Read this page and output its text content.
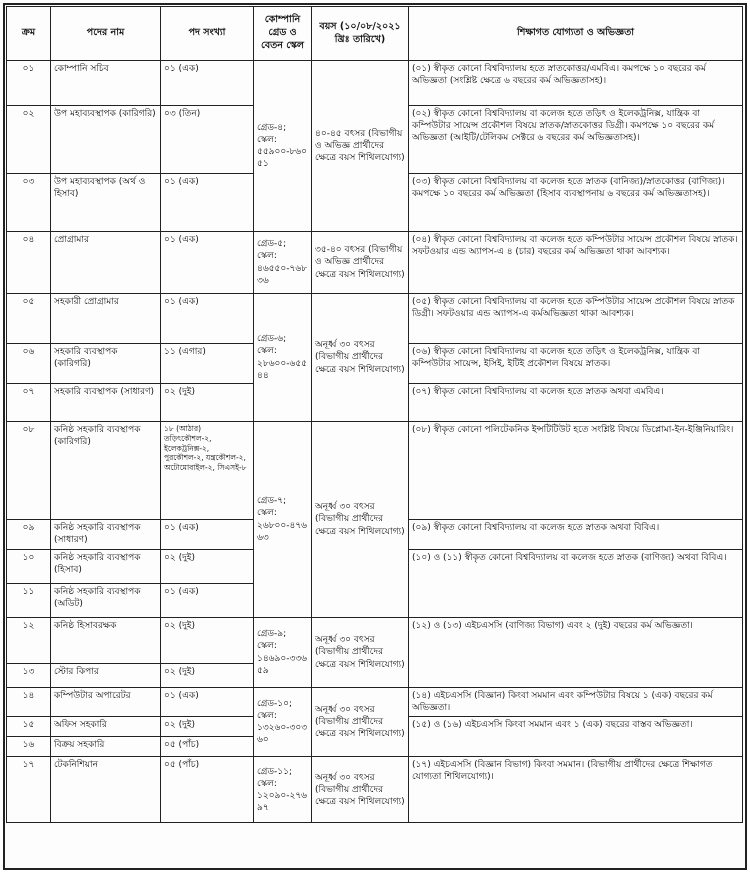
ক্রম	পদের নাম	পদ সংখ্যা	কোম্পানি গ্রেড ও বেতন স্কেল	বয়স (১০/০৮/২০২১ খ্রিঃ তারিখে)	শিক্ষাগত যোগ্যতা ও অভিজ্ঞতা
০১	কোম্পানি সচিব	০১ (এক)	গ্রেড-৪; স্কেল: ৫৫৯০০-৮৬০৫১	৪০-৪৫ বৎসর (বিভাগীয় ও অভিজ্ঞ প্রার্থীদের ক্ষেত্রে বয়স শিথিলযোগ্য)	(০১) স্বীকৃত কোনো বিশ্ববিদ্যালয় হতে স্নাতকোত্তর/এমবিএ। কমপক্ষে ১০ বছরের কর্ম অভিজ্ঞতা (সংশ্লিষ্ট ক্ষেত্রে ৬ বছরের কর্ম অভিজ্ঞতাসহ)।
০২	উপ মহাব্যবস্থাপক (কারিগরি)	০৩ (তিন)			(০২) স্বীকৃত কোনো বিশ্ববিদ্যালয় বা কলেজ হতে তড়িৎ ও ইলেকট্রনিক্স, যান্ত্রিক বা কম্পিউটার সায়েন্স প্রকৌশল বিষয়ে স্নাতক/স্নাতকোত্তর ডিগ্রী। কমপক্ষে ১০ বছরের কর্ম অভিজ্ঞতা (আইটি/টেলিকম সেক্টরে ৬ বছরের কর্ম অভিজ্ঞতাসহ)।
০৩	উপ মহাব্যবস্থাপক (অর্থ ও হিসাব)	০১ (এক)			(০৩) স্বীকৃত কোনো বিশ্ববিদ্যালয় বা কলেজ হতে স্নাতক (বানিজ্য)/স্নাতকোত্তর (বাণিজ্য)। কমপক্ষে ১০ বছরের কর্ম অভিজ্ঞতা (হিসাব ব্যবস্থাপনায় ৬ বছরের কর্ম অভিজ্ঞতাসহ)।
০৪	প্রোগ্রামার	০১ (এক)	গ্রেড-৫; স্কেল: ৪৬৫৫০-৭৬৮৩৬	৩৫-৪০ বৎসর (বিভাগীয় ও অভিজ্ঞ প্রার্থীদের ক্ষেত্রে বয়স শিথিলযোগ্য)	(০৪) স্বীকৃত কোনো বিশ্ববিদ্যালয় বা কলেজ হতে কম্পিউটার সায়েন্স প্রকৌশল বিষয়ে স্নাতক। সফটওয়ার এন্ড অ্যাপস-এ ৪ (চার) বছরের কর্ম অভিজ্ঞতা থাকা আবশ্যক।
০৫	সহকারী প্রোগ্রামার	০১ (এক)	গ্রেড-৬; স্কেল: ২৮৬০০-৬৫৫৪৪	অনূর্ধ্ব ৩০ বৎসর (বিভাগীয় প্রার্থীদের ক্ষেত্রে বয়স শিথিলযোগ্য)	(০৫) স্বীকৃত কোনো বিশ্ববিদ্যালয় বা কলেজ হতে কম্পিউটার সায়েন্স প্রকৌশল বিষয়ে স্নাতক ডিগ্রী। সফটওয়ার এন্ড অ্যাপস-এ কর্মঅভিজ্ঞতা থাকা আবশ্যক।
০৬	সহকারি ব্যবস্থাপক (কারিগরি)	১১ (এগার)			(০৬) স্বীকৃত কোনো বিশ্ববিদ্যালয় বা কলেজ হতে তড়িৎ ও ইলেকট্রনিক্স, যান্ত্রিক বা কম্পিউটার সায়েন্স, ইসিই, ইটিই প্রকৌশল বিষয়ে স্নাতক।
০৭	সহকারি ব্যবস্থাপক (সাধারণ)	০২ (দুই)			(০৭) স্বীকৃত কোনো বিশ্ববিদ্যালয় বা কলেজ হতে স্নাতক অথবা এমবিএ।
০৮	কনিষ্ঠ সহকারি ব্যবস্থাপক (কারিগরি)	১৮ (আঠার) তড়িৎকৌশল-২, ইলেকট্রনিক্স-২, পুরকৌশল-২, যন্ত্রকৌশল-২, অটোমোবাইল-২, সিএসই-৮	গ্রেড-৭; স্কেল: ২৬৮০০-৪৭৬৬৩	অনূর্ধ্ব ৩০ বৎসর (বিভাগীয় প্রার্থীদের ক্ষেত্রে বয়স শিথিলযোগ্য)	(০৮) স্বীকৃত কোনো পলিটেকনিক ইন্সটিটিউট হতে সংশ্লিষ্ট বিষয়ে ডিপ্লোমা-ইন-ইঞ্জিনিয়ারিং।
০৯	কনিষ্ঠ সহকারি ব্যবস্থাপক (সাধারণ)	০১ (এক)			(০৯) স্বীকৃত কোনো বিশ্ববিদ্যালয় বা কলেজ হতে স্নাতক অথবা বিবিএ।
১০	কনিষ্ঠ সহকারি ব্যবস্থাপক (হিসাব)	০২ (দুই)			(১০) ও (১১) স্বীকৃত কোনো বিশ্ববিদ্যালয় বা কলেজ হতে স্নাতক (বাণিজ্য) অথবা বিবিএ।
১১	কনিষ্ঠ সহকারি ব্যবস্থাপক (অডিট)	০১ (এক)			
১২	কনিষ্ঠ হিসাবরক্ষক	০২ (দুই)	গ্রেড-৯; স্কেল: ১৪৬৯০-৩৩৬৫৯	অনূর্ধ্ব ৩০ বৎসর (বিভাগীয় প্রার্থীদের ক্ষেত্রে বয়স শিথিলযোগ্য)	(১২) ও (১৩) এইচএসসি (বাণিজ্য বিভাগ) এবং ২ (দুই) বছরের কর্ম অভিজ্ঞতা।
১৩	স্টোর কিপার	০২ (দুই)			
১৪	কম্পিউটার অপারেটর	০১ (এক)	গ্রেড-১০; স্কেল: ১৩২৬০-৩০৩৬০	অনূর্ধ্ব ৩০ বৎসর (বিভাগীয় প্রার্থীদের ক্ষেত্রে বয়স শিথিলযোগ্য)	(১৪) এইচএসসি (বিজ্ঞান) কিংবা সমমান এবং কম্পিউটার বিষয়ে ১ (এক) বছরের কর্ম অভিজ্ঞতা।
১৫	অফিস সহকারি	০২ (দুই)			(১৫) ও (১৬) এইচএসসি কিংবা সমমান এবং ১ (এক) বছরের বাস্তব অভিজ্ঞতা।
১৬	বিক্রয় সহকারি	০৫ (পাঁচ)			
১৭	টেকনিশিয়ান	০৫ (পাঁচ)	গ্রেড-১১; স্কেল: ১২০৯০-২৭৬৯৭	অনূর্ধ্ব ৩০ বৎসর (বিভাগীয় প্রার্থীদের ক্ষেত্রে বয়স শিথিলযোগ্য)	(১৭) এইচএসসি (বিজ্ঞান বিভাগ) কিংবা সমমান। (বিভাগীয় প্রার্থীদের ক্ষেত্রে শিক্ষাগত যোগ্যতা শিথিলযোগ্য)।
